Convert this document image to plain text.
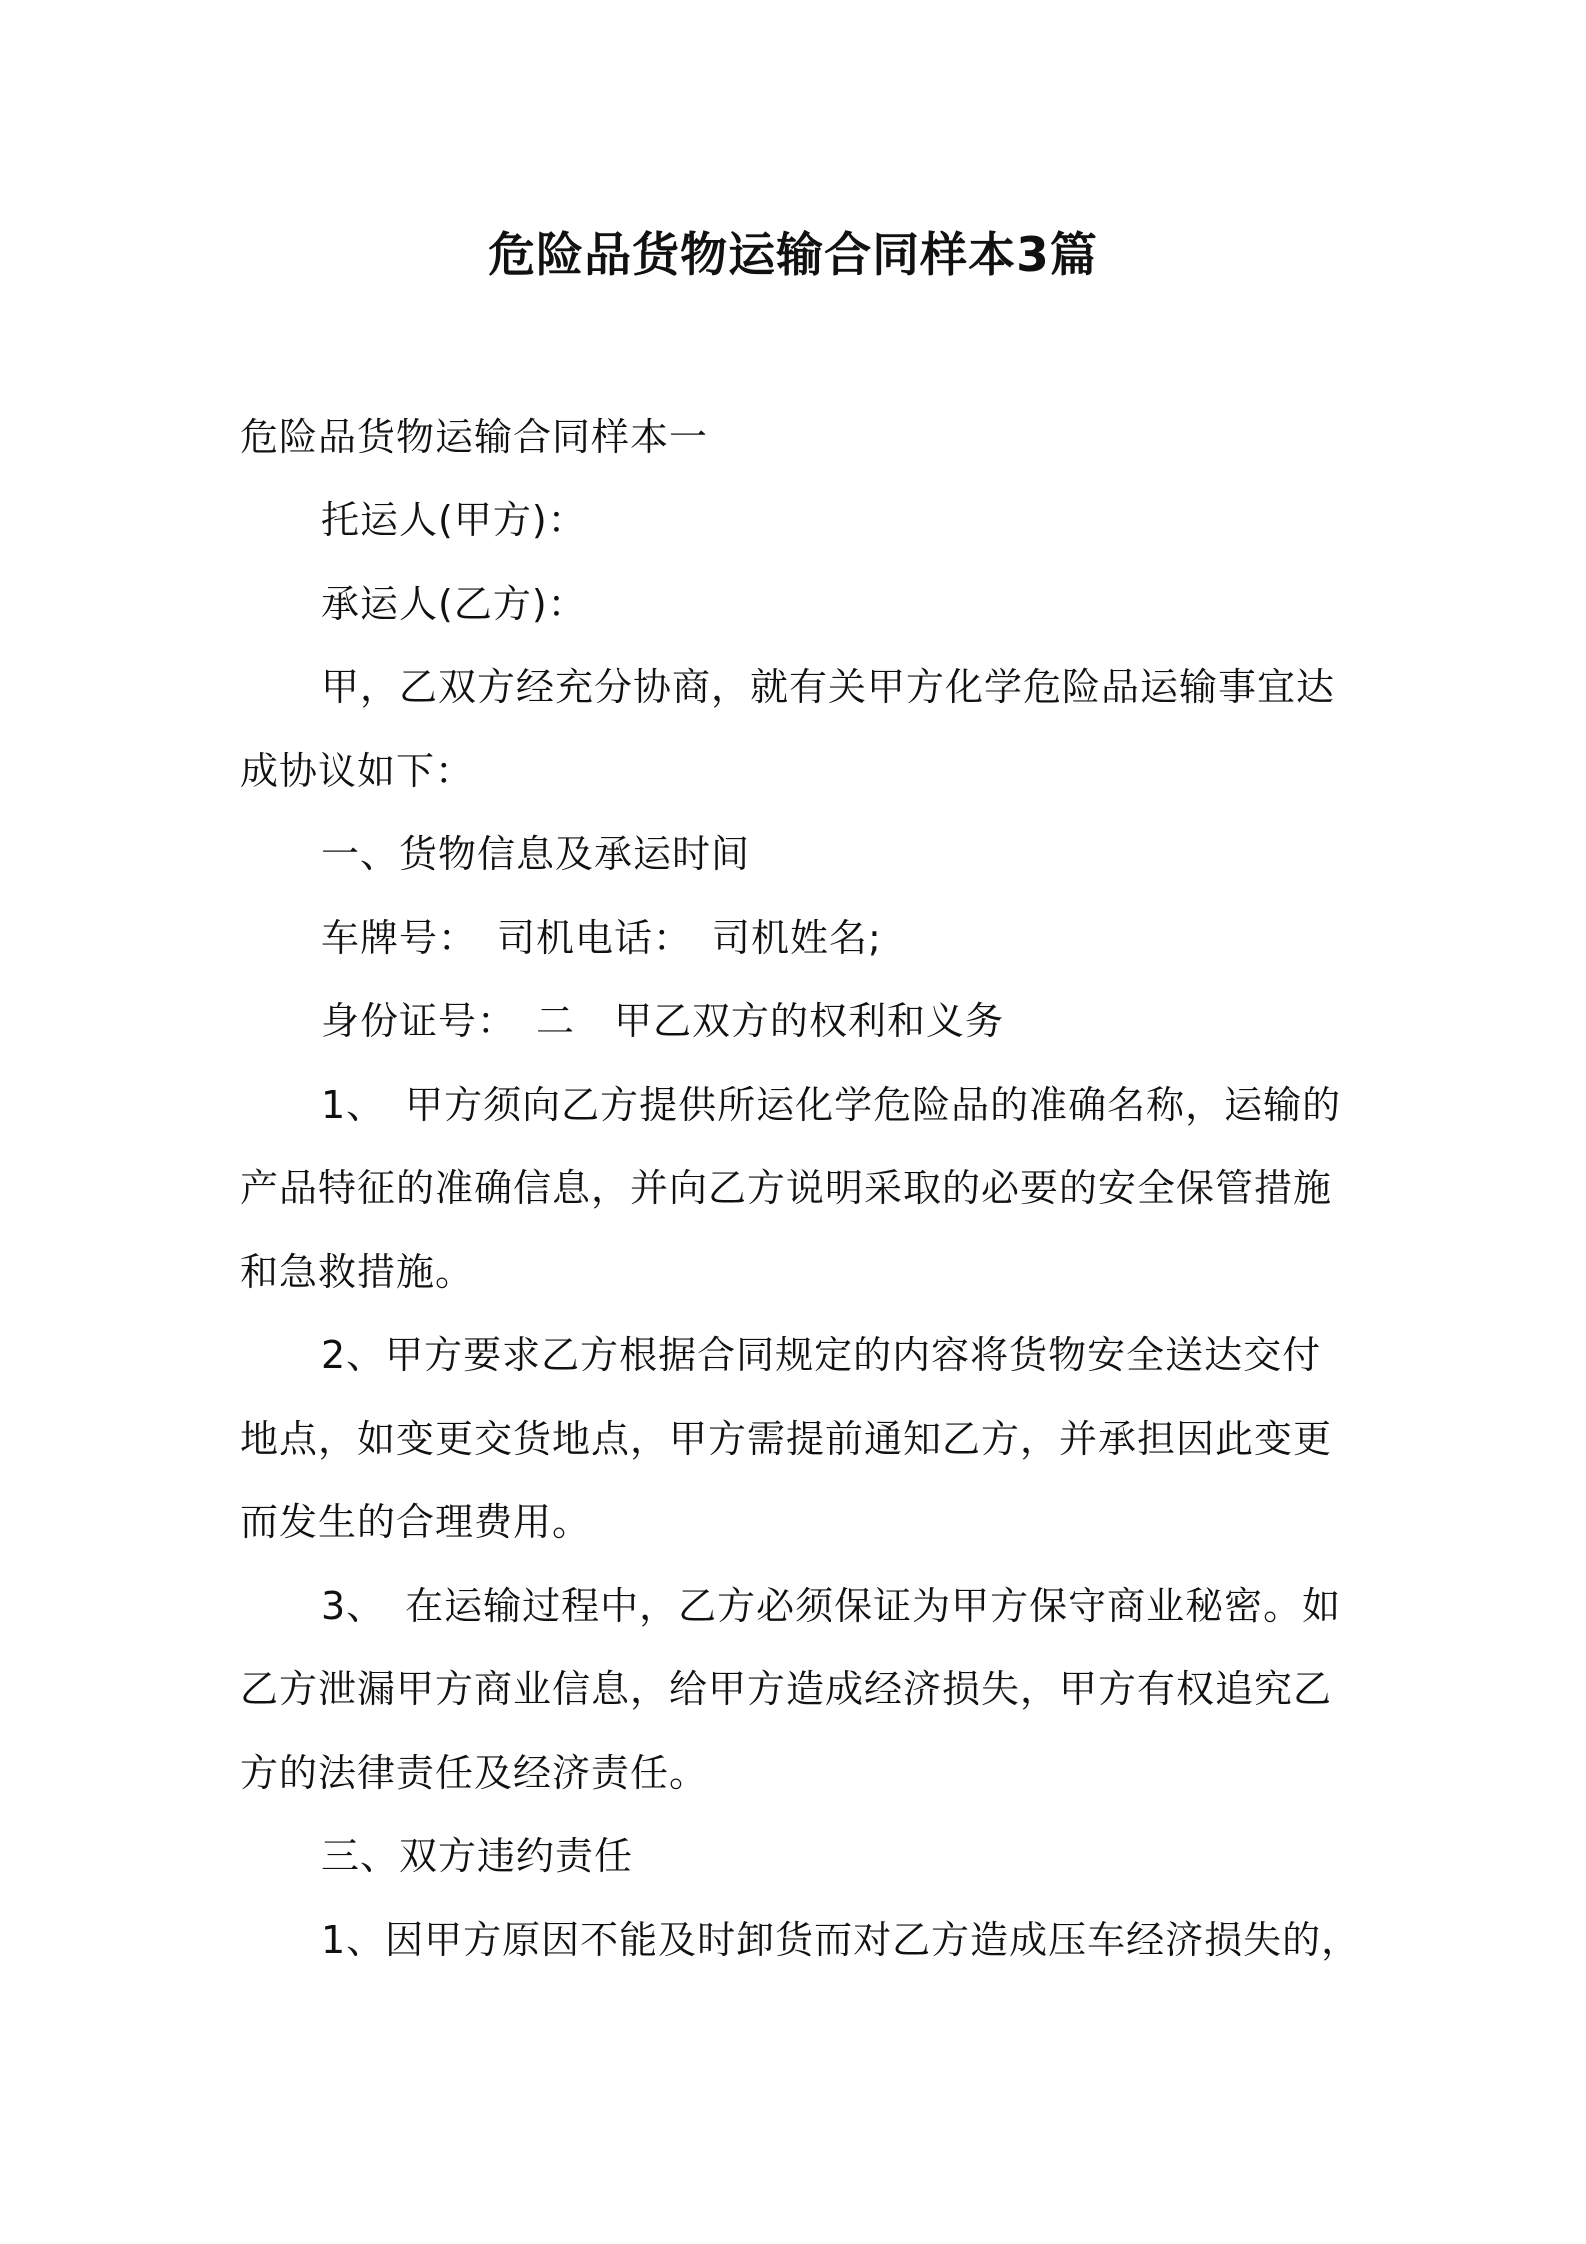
危险品货物运输合同样本3篇
危险品货物运输合同样本一
托运人(甲方)：
承运人(乙方)：
甲，乙双方经充分协商，就有关甲方化学危险品运输事宜达
成协议如下：
一、货物信息及承运时间
车牌号：　司机电话：　司机姓名;
身份证号：　二　甲乙双方的权利和义务
1、　甲方须向乙方提供所运化学危险品的准确名称，运输的
产品特征的准确信息，并向乙方说明采取的必要的安全保管措施
和急救措施。
2、甲方要求乙方根据合同规定的内容将货物安全送达交付
地点，如变更交货地点，甲方需提前通知乙方，并承担因此变更
而发生的合理费用。
3、　在运输过程中，乙方必须保证为甲方保守商业秘密。如
乙方泄漏甲方商业信息，给甲方造成经济损失，甲方有权追究乙
方的法律责任及经济责任。
三、双方违约责任
1、因甲方原因不能及时卸货而对乙方造成压车经济损失的，
